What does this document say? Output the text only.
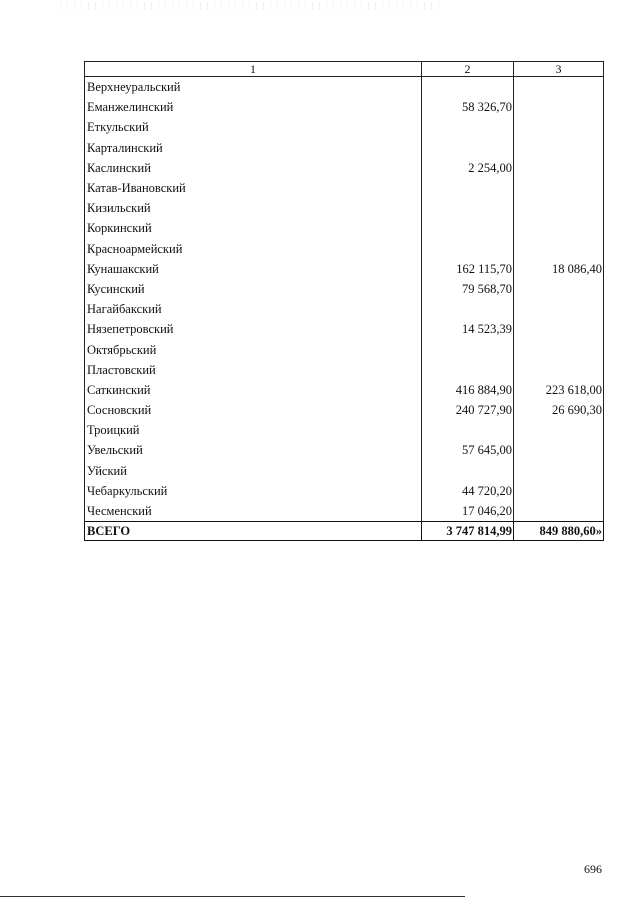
1	2	3
Верхнеуральский		
Еманжелинский	58 326,70	
Еткульский		
Карталинский		
Каслинский	2 254,00	
Катав-Ивановский		
Кизильский		
Коркинский		
Красноармейский		
Кунашакский	162 115,70	18 086,40
Кусинский	79 568,70	
Нагайбакский		
Нязепетровский	14 523,39	
Октябрьский		
Пластовский		
Саткинский	416 884,90	223 618,00
Сосновский	240 727,90	26 690,30
Троицкий		
Увельский	57 645,00	
Уйский		
Чебаркульский	44 720,20	
Чесменский	17 046,20	
ВСЕГО	3 747 814,99	849 880,60»
696
